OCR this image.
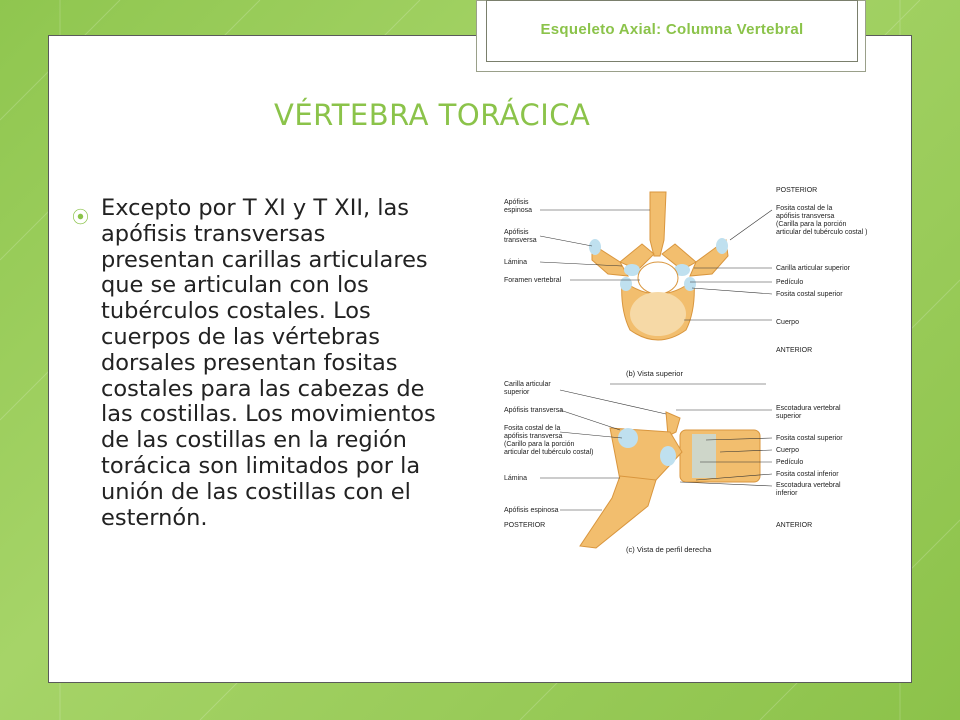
Esqueleto Axial: Columna Vertebral
VÉRTEBRA TORÁCICA
⦿ Excepto por T XI y T XII, las apófisis transversas presentan carillas articulares que se articulan con los tubérculos costales. Los cuerpos de las vértebras dorsales presentan fositas costales para las cabezas de las costillas. Los movimientos de las costillas en la región torácica son limitados por la unión de las costillas con el esternón.
Apófisis espinosa
Apófisis transversa
Lámina
Foramen vertebral
POSTERIOR
Fosita costal de la apófisis transversa (Carilla para la porción articular del tubérculo costal )
Carilla articular superior
Pedículo
Fosita costal superior
Cuerpo
ANTERIOR
(b) Vista superior
Carilla articular superior
Apófisis transversa
Fosita costal de la apófisis transversa (Carillo para la porción articular del tubérculo costal)
Lámina
Apófisis espinosa
POSTERIOR
Escotadura vertebral superior
Fosita costal superior
Cuerpo
Pedículo
Fosita costal inferior
Escotadura vertebral inferior
ANTERIOR
(c) Vista de perfil derecha
